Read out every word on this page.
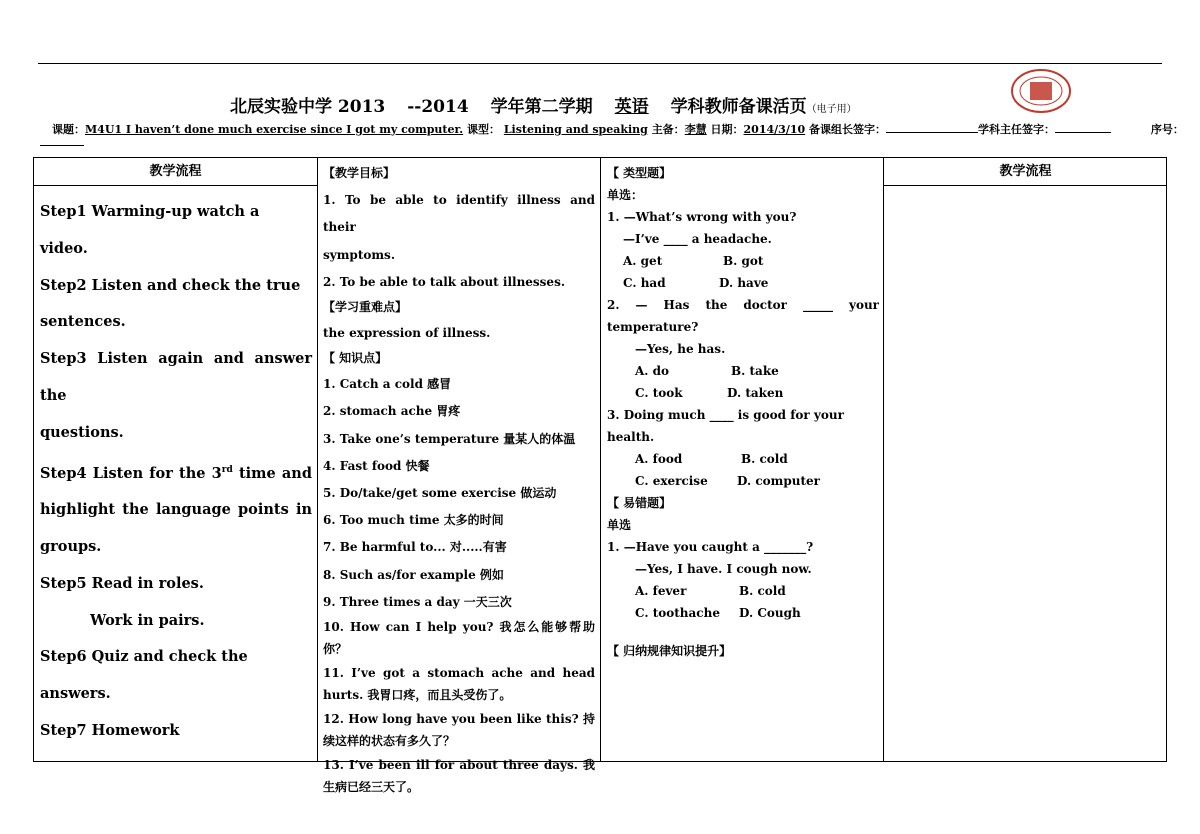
北辰实验中学 2013 --2014 学年第二学期 英语 学科教师备课活页（电子用）
课题：M4U1 I haven’t done much exercise since I got my computer. 课型： Listening and speaking 主备：李慧 日期：2014/3/10 备课组长签字：	学科主任签字：	序号：
教学流程	教学流程
Step1 Warming-up watch a video.
Step2 Listen and check the true
sentences.
Step3 Listen again and answer the
questions.
Step4 Listen for the 3rd time and
highlight the language points in
groups.
Step5 Read in roles.
Work in pairs.
Step6 Quiz and check the answers.
Step7 Homework
【教学目标】
1. To be able to identify illness and their
symptoms.
2. To be able to talk about illnesses.
【学习重难点】
the expression of illness.
【 知识点】
1. Catch a cold 感冒
2. stomach ache 胃疼
3. Take one’s temperature 量某人的体温
4. Fast food 快餐
5. Do/take/get some exercise 做运动
6. Too much time 太多的时间
7. Be harmful to... 对.....有害
8. Such as/for example 例如
9. Three times a day 一天三次
10. How can I help you? 我怎么能够帮助你？
11. I’ve got a stomach ache and head hurts. 我胃口疼，而且头受伤了。
12. How long have you been like this? 持续这样的状态有多久了？
13. I’ve been ill for about three days. 我生病已经三天了。
【 类型题】
单选：
1. —What’s wrong with you?
—I’ve ____ a headache.
A. get	B. got
C. had	D. have
2. — Has the doctor _____ your
temperature?
—Yes, he has.
A. do	B. take
C. took	D. taken
3. Doing much ____ is good for your health.
A. food	B. cold
C. exercise D. computer
【 易错题】
单选
1. —Have you caught a _______?
—Yes, I have. I cough now.
A. fever	B. cold
C. toothache D. Cough
【 归纳规律知识提升】
